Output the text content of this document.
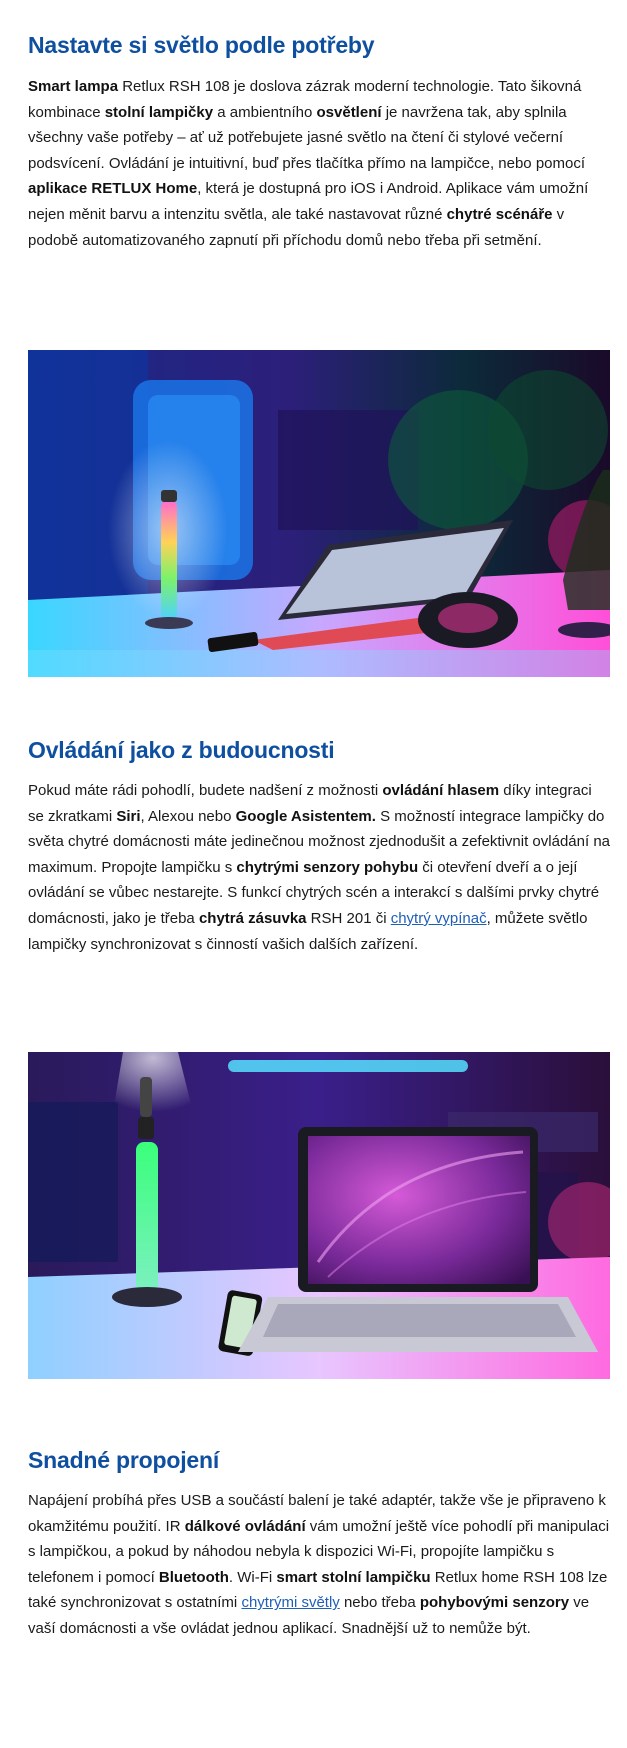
Nastavte si světlo podle potřeby

Smart lampa Retlux RSH 108 je doslova zázrak moderní technologie. Tato šikovná kombinace stolní lampičky a ambientního osvětlení je navržena tak, aby splnila všechny vaše potřeby – ať už potřebujete jasné světlo na čtení či stylové večerní podsvícení. Ovládání je intuitivní, buď přes tlačítka přímo na lampičce, nebo pomocí aplikace RETLUX Home, která je dostupná pro iOS i Android. Aplikace vám umožní nejen měnit barvu a intenzitu světla, ale také nastavovat různé chytré scénáře v podobě automatizovaného zapnutí při příchodu domů nebo třeba při setmění.

Ovládání jako z budoucnosti

Pokud máte rádi pohodlí, budete nadšení z možnosti ovládání hlasem díky integraci se zkratkami Siri, Alexou nebo Google Asistentem. S možností integrace lampičky do světa chytré domácnosti máte jedinečnou možnost zjednodušit a zefektivnit ovládání na maximum. Propojte lampičku s chytrými senzory pohybu či otevření dveří a o její ovládání se vůbec nestarejte. S funkcí chytrých scén a interakcí s dalšími prvky chytré domácnosti, jako je třeba chytrá zásuvka RSH 201 či chytrý vypínač, můžete světlo lampičky synchronizovat s činností vašich dalších zařízení.

Snadné propojení

Napájení probíhá přes USB a součástí balení je také adaptér, takže vše je připraveno k okamžitému použití. IR dálkové ovládání vám umožní ještě více pohodlí při manipulaci s lampičkou, a pokud by náhodou nebyla k dispozici Wi-Fi, propojíte lampičku s telefonem i pomocí Bluetooth. Wi-Fi smart stolní lampičku Retlux home RSH 108 lze také synchronizovat s ostatními chytrými světly nebo třeba pohybovými senzory ve vaší domácnosti a vše ovládat jednou aplikací. Snadnější už to nemůže být.
